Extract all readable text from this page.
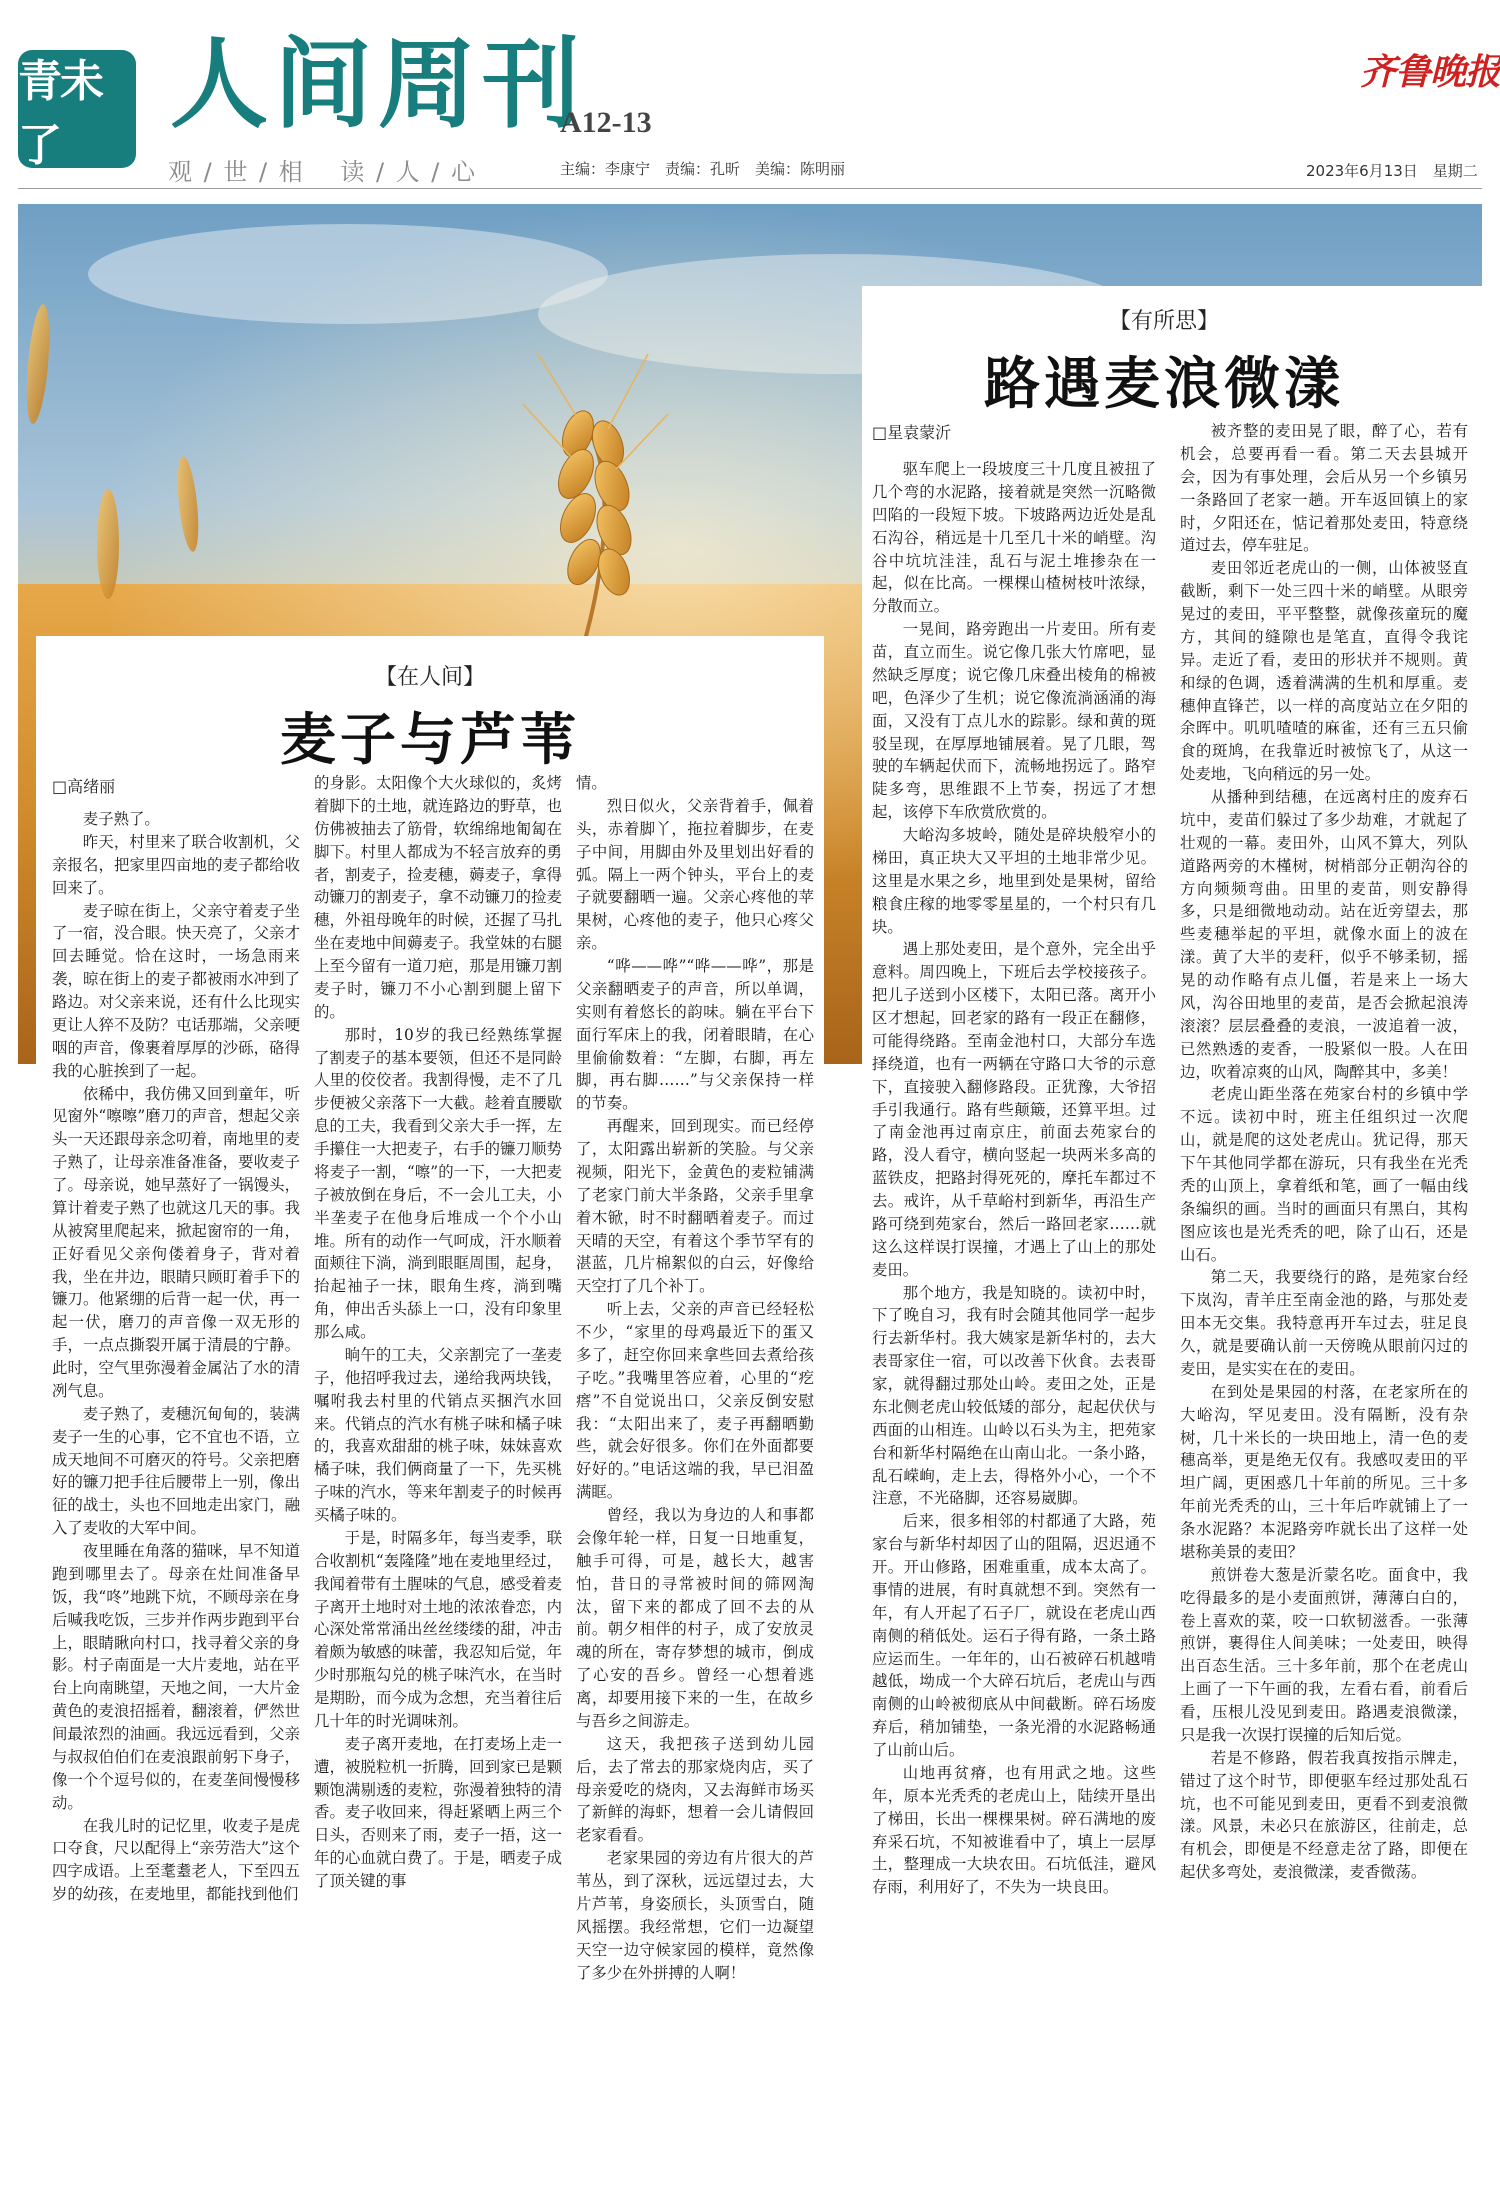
青未了
人间周刊
A12-13
观 / 世 / 相 　读 / 人 / 心	主编：李康宁　责编：孔昕　美编：陈明丽
齐鲁晚报
2023年6月13日　星期二
【在人间】
麦子与芦苇
□高绪丽

麦子熟了。

昨天，村里来了联合收割机，父亲报名，把家里四亩地的麦子都给收回来了。

麦子晾在街上，父亲守着麦子坐了一宿，没合眼。快天亮了，父亲才回去睡觉。恰在这时，一场急雨来袭，晾在街上的麦子都被雨水冲到了路边。对父亲来说，还有什么比现实更让人猝不及防？屯话那端，父亲哽咽的声音，像裹着厚厚的沙砾，硌得我的心脏挨到了一起。

依稀中，我仿佛又回到童年，听见窗外“嚓嚓”磨刀的声音，想起父亲头一天还跟母亲念叨着，南地里的麦子熟了，让母亲准备准备，要收麦子了。母亲说，她早蒸好了一锅馒头，算计着麦子熟了也就这几天的事。我从被窝里爬起来，掀起窗帘的一角，正好看见父亲佝偻着身子，背对着我，坐在井边，眼睛只顾盯着手下的镰刀。他紧绷的后背一起一伏，再一起一伏，磨刀的声音像一双无形的手，一点点撕裂开属于清晨的宁静。此时，空气里弥漫着金属沾了水的清冽气息。

麦子熟了，麦穗沉甸甸的，装满麦子一生的心事，它不宜也不语，立成天地间不可磨灭的符号。父亲把磨好的镰刀把手往后腰带上一别，像出征的战士，头也不回地走出家门，融入了麦收的大军中间。

夜里睡在角落的猫咪，早不知道跑到哪里去了。母亲在灶间准备早饭，我“咚”地跳下炕，不顾母亲在身后喊我吃饭，三步并作两步跑到平台上，眼睛瞅向村口，找寻着父亲的身影。村子南面是一大片麦地，站在平台上向南眺望，天地之间，一大片金黄色的麦浪招摇着，翻滚着，俨然世间最浓烈的油画。我远远看到，父亲与叔叔伯伯们在麦浪跟前躬下身子，像一个个逗号似的，在麦垄间慢慢移动。

在我儿时的记忆里，收麦子是虎口夺食，尺以配得上“亲劳浩大”这个四字成语。上至耄耋老人，下至四五岁的幼孩，在麦地里，都能找到他们

的身影。太阳像个大火球似的，炙烤着脚下的土地，就连路边的野草，也仿佛被抽去了筋骨，软绵绵地匍匐在脚下。村里人都成为不轻言放弃的勇者，割麦子，捡麦穗，薅麦子，拿得动镰刀的割麦子，拿不动镰刀的捡麦穗，外祖母晚年的时候，还握了马扎坐在麦地中间薅麦子。我堂妹的右腿上至今留有一道刀疤，那是用镰刀割麦子时，镰刀不小心割到腿上留下的。

那时，10岁的我已经熟练掌握了割麦子的基本要领，但还不是同龄人里的佼佼者。我割得慢，走不了几步便被父亲落下一大截。趁着直腰歇息的工夫，我看到父亲大手一挥，左手攥住一大把麦子，右手的镰刀顺势将麦子一割，“嚓”的一下，一大把麦子被放倒在身后，不一会儿工夫，小半垄麦子在他身后堆成一个个小山堆。所有的动作一气呵成，汗水顺着面颊往下淌，淌到眼眶周围，起身，抬起袖子一抹，眼角生疼，淌到嘴角，伸出舌头舔上一口，没有印象里那么咸。

晌午的工夫，父亲割完了一垄麦子，他招呼我过去，递给我两块钱，嘱咐我去村里的代销点买捆汽水回来。代销点的汽水有桃子味和橘子味的，我喜欢甜甜的桃子味，妹妹喜欢橘子味，我们俩商量了一下，先买桃子味的汽水，等来年割麦子的时候再买橘子味的。

于是，时隔多年，每当麦季，联合收割机“轰隆隆”地在麦地里经过，我闻着带有土腥味的气息，感受着麦子离开土地时对土地的浓浓眷恋，内心深处常常涌出丝丝缕缕的甜，冲击着颇为敏感的味蕾，我忍知后觉，年少时那瓶勾兑的桃子味汽水，在当时是期盼，而今成为念想，充当着往后几十年的时光调味剂。

麦子离开麦地，在打麦场上走一遭，被脱粒机一折腾，回到家已是颗颗饱满剔透的麦粒，弥漫着独特的清香。麦子收回来，得赶紧晒上两三个日头，否则来了雨，麦子一捂，这一年的心血就白费了。于是，晒麦子成了顶关键的事

情。

烈日似火，父亲背着手，佩着头，赤着脚丫，拖拉着脚步，在麦子中间，用脚由外及里划出好看的弧。隔上一两个钟头，平台上的麦子就要翻晒一遍。父亲心疼他的苹果树，心疼他的麦子，他只心疼父亲。

“哗——哗”“哗——哗”，那是父亲翻晒麦子的声音，所以单调，实则有着悠长的韵味。躺在平台下面行军床上的我，闭着眼睛，在心里偷偷数着：“左脚，右脚，再左脚，再右脚……”与父亲保持一样的节奏。

再醒来，回到现实。而已经停了，太阳露出崭新的笑脸。与父亲视频，阳光下，金黄色的麦粒铺满了老家门前大半条路，父亲手里拿着木锨，时不时翻晒着麦子。而过天晴的天空，有着这个季节罕有的湛蓝，几片棉絮似的白云，好像给天空打了几个补丁。

听上去，父亲的声音已经轻松不少，“家里的母鸡最近下的蛋又多了，赶空你回来拿些回去煮给孩子吃。”我嘴里答应着，心里的“疙瘩”不自觉说出口，父亲反倒安慰我：“太阳出来了，麦子再翻晒勤些，就会好很多。你们在外面都要好好的。”电话这端的我，早已泪盈满眶。

曾经，我以为身边的人和事都会像年轮一样，日复一日地重复，触手可得，可是，越长大，越害怕，昔日的寻常被时间的筛网淘汰，留下来的都成了回不去的从前。朝夕相伴的村子，成了安放灵魂的所在，寄存梦想的城市，倒成了心安的吾乡。曾经一心想着逃离，却要用接下来的一生，在故乡与吾乡之间游走。

这天，我把孩子送到幼儿园后，去了常去的那家烧肉店，买了母亲爱吃的烧肉，又去海鲜市场买了新鲜的海虾，想着一会儿请假回老家看看。

老家果园的旁边有片很大的芦苇丛，到了深秋，远远望过去，大片芦苇，身姿颀长，头顶雪白，随风摇摆。我经常想，它们一边凝望天空一边守候家园的模样，竟然像了多少在外拼搏的人啊！

【有所思】
路遇麦浪微漾
□星袁蒙沂

驱车爬上一段坡度三十几度且被扭了几个弯的水泥路，接着就是突然一沉略微凹陷的一段短下坡。下坡路两边近处是乱石沟谷，稍远是十几至几十米的峭壁。沟谷中坑坑洼洼，乱石与泥土堆掺杂在一起，似在比高。一棵棵山楂树枝叶浓绿，分散而立。

一晃间，路旁跑出一片麦田。所有麦苗，直立而生。说它像几张大竹席吧，显然缺乏厚度；说它像几床叠出棱角的棉被吧，色泽少了生机；说它像流淌涵涌的海面，又没有丁点儿水的踪影。绿和黄的斑驳呈现，在厚厚地铺展着。晃了几眼，驾驶的车辆起伏而下，流畅地拐远了。路窄陡多弯，思维跟不上节奏，拐远了才想起，该停下车欣赏欣赏的。

大峪沟多坡岭，随处是碎块般窄小的梯田，真正块大又平坦的土地非常少见。这里是水果之乡，地里到处是果树，留给粮食庄稼的地零零星星的，一个村只有几块。

遇上那处麦田，是个意外，完全出乎意料。周四晚上，下班后去学校接孩子。把儿子送到小区楼下，太阳已落。离开小区才想起，回老家的路有一段正在翻修，可能得绕路。至南金池村口，大部分车选择绕道，也有一两辆在守路口大爷的示意下，直接驶入翻修路段。正犹豫，大爷招手引我通行。路有些颠簸，还算平坦。过了南金池再过南京庄，前面去苑家台的路，没人看守，横向竖起一块两米多高的蓝铁皮，把路封得死死的，摩托车都过不去。戒许，从千草峪村到新华，再沿生产路可绕到苑家台，然后一路回老家……就这么这样误打误撞，才遇上了山上的那处麦田。

那个地方，我是知晓的。读初中时，下了晚自习，我有时会随其他同学一起步行去新华村。我大姨家是新华村的，去大表哥家住一宿，可以改善下伙食。去表哥家，就得翻过那处山岭。麦田之处，正是东北侧老虎山较低矮的部分，起起伏伏与西面的山相连。山岭以石头为主，把苑家台和新华村隔绝在山南山北。一条小路，乱石嵘峋，走上去，得格外小心，一个不注意，不光硌脚，还容易崴脚。

后来，很多相邻的村都通了大路，苑家台与新华村却因了山的阻隔，迟迟通不开。开山修路，困难重重，成本太高了。事情的进展，有时真就想不到。突然有一年，有人开起了石子厂，就设在老虎山西南侧的稍低处。运石子得有路，一条土路应运而生。一年年的，山石被碎石机越啃越低，坳成一个大碎石坑后，老虎山与西南侧的山岭被彻底从中间截断。碎石场废弃后，稍加铺垫，一条光滑的水泥路畅通了山前山后。

山地再贫瘠，也有用武之地。这些年，原本光秃秃的老虎山上，陆续开垦出了梯田，长出一棵棵果树。碎石满地的废弃采石坑，不知被谁看中了，填上一层厚土，整理成一大块农田。石坑低洼，避风存雨，利用好了，不失为一块良田。

被齐整的麦田晃了眼，醉了心，若有机会，总要再看一看。第二天去县城开会，因为有事处理，会后从另一个乡镇另一条路回了老家一趟。开车返回镇上的家时，夕阳还在，惦记着那处麦田，特意绕道过去，停车驻足。

麦田邻近老虎山的一侧，山体被竖直截断，剩下一处三四十米的峭壁。从眼旁晃过的麦田，平平整整，就像孩童玩的魔方，其间的缝隙也是笔直，直得令我诧异。走近了看，麦田的形状并不规则。黄和绿的色调，透着满满的生机和厚重。麦穗伸直锋芒，以一样的高度站立在夕阳的余晖中。叽叽喳喳的麻雀，还有三五只偷食的斑鸠，在我靠近时被惊飞了，从这一处麦地，飞向稍远的另一处。

从播种到结穗，在远离村庄的废弃石坑中，麦苗们躲过了多少劫难，才就起了壮观的一幕。麦田外，山风不算大，列队道路两旁的木槿树，树梢部分正朝沟谷的方向频频弯曲。田里的麦苗，则安静得多，只是细微地动动。站在近旁望去，那些麦穗举起的平坦，就像水面上的波在漾。黄了大半的麦秆，似乎不够柔韧，摇晃的动作略有点儿僵，若是来上一场大风，沟谷田地里的麦苗，是否会掀起浪涛滚滚？层层叠叠的麦浪，一波追着一波，已然熟透的麦香，一股紧似一股。人在田边，吹着凉爽的山风，陶醉其中，多美！

老虎山距坐落在苑家台村的乡镇中学不远。读初中时，班主任组织过一次爬山，就是爬的这处老虎山。犹记得，那天下午其他同学都在游玩，只有我坐在光秃秃的山顶上，拿着纸和笔，画了一幅由线条编织的画。当时的画面只有黑白，其构图应该也是光秃秃的吧，除了山石，还是山石。

第二天，我要绕行的路，是苑家台经下岚沟，青羊庄至南金池的路，与那处麦田本无交集。我特意再开车过去，驻足良久，就是要确认前一天傍晚从眼前闪过的麦田，是实实在在的麦田。

在到处是果园的村落，在老家所在的大峪沟，罕见麦田。没有隔断，没有杂树，几十米长的一块田地上，清一色的麦穗高举，更是绝无仅有。我感叹麦田的平坦广阔，更困惑几十年前的所见。三十多年前光秃秃的山，三十年后咋就铺上了一条水泥路？本泥路旁咋就长出了这样一处堪称美景的麦田？

煎饼卷大葱是沂蒙名吃。面食中，我吃得最多的是小麦面煎饼，薄薄白白的，卷上喜欢的菜，咬一口软韧滋香。一张薄煎饼，裹得住人间美味；一处麦田，映得出百态生活。三十多年前，那个在老虎山上画了一下午画的我，左看右看，前看后看，压根儿没见到麦田。路遇麦浪微漾，只是我一次误打误撞的后知后觉。

若是不修路，假若我真按指示牌走，错过了这个时节，即便驱车经过那处乱石坑，也不可能见到麦田，更看不到麦浪微漾。风景，未必只在旅游区，往前走，总有机会，即便是不经意走岔了路，即便在起伏多弯处，麦浪微漾，麦香微荡。
